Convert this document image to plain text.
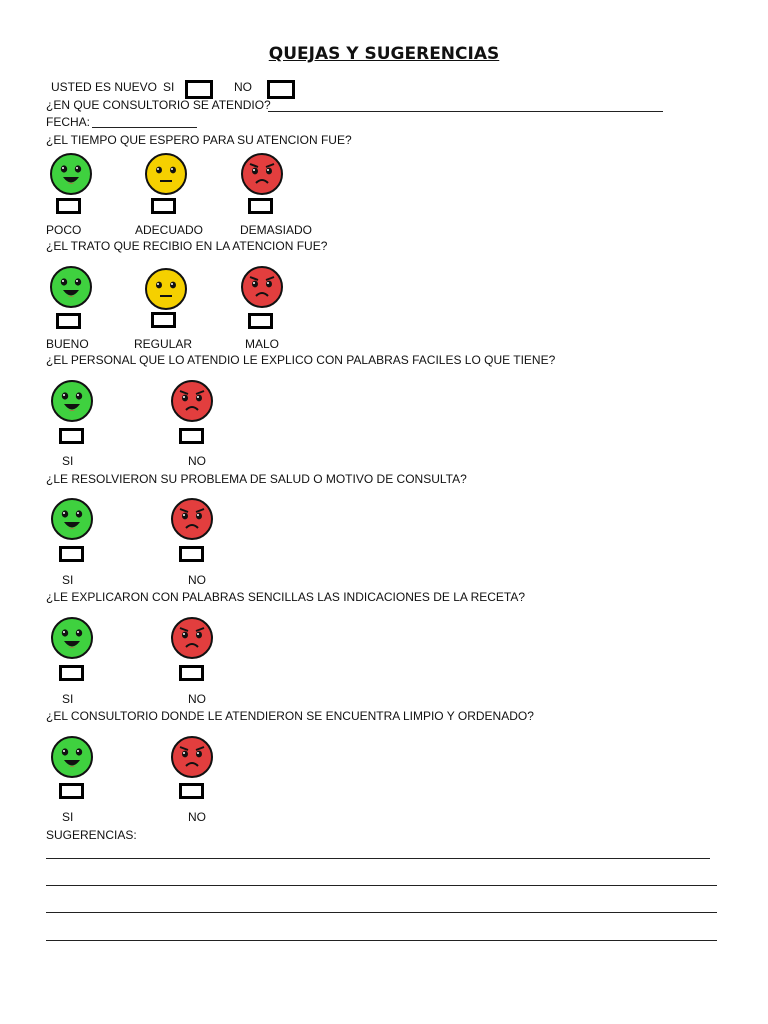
QUEJAS Y SUGERENCIAS
USTED ES NUEVO SI	NO
¿EN QUE CONSULTORIO SE ATENDIO?
FECHA:
¿EL TIEMPO QUE ESPERO PARA SU ATENCION FUE?
POCO	ADECUADO	DEMASIADO
¿EL TRATO QUE RECIBIO EN LA ATENCION FUE?
BUENO	REGULAR	MALO
¿EL PERSONAL QUE LO ATENDIO LE EXPLICO CON PALABRAS FACILES LO QUE TIENE?
SI	NO
¿LE RESOLVIERON SU PROBLEMA DE SALUD O MOTIVO DE CONSULTA?
SI	NO
¿LE EXPLICARON CON PALABRAS SENCILLAS LAS INDICACIONES DE LA RECETA?
SI	NO
¿EL CONSULTORIO DONDE LE ATENDIERON SE ENCUENTRA LIMPIO Y ORDENADO?
SI	NO
SUGERENCIAS:
